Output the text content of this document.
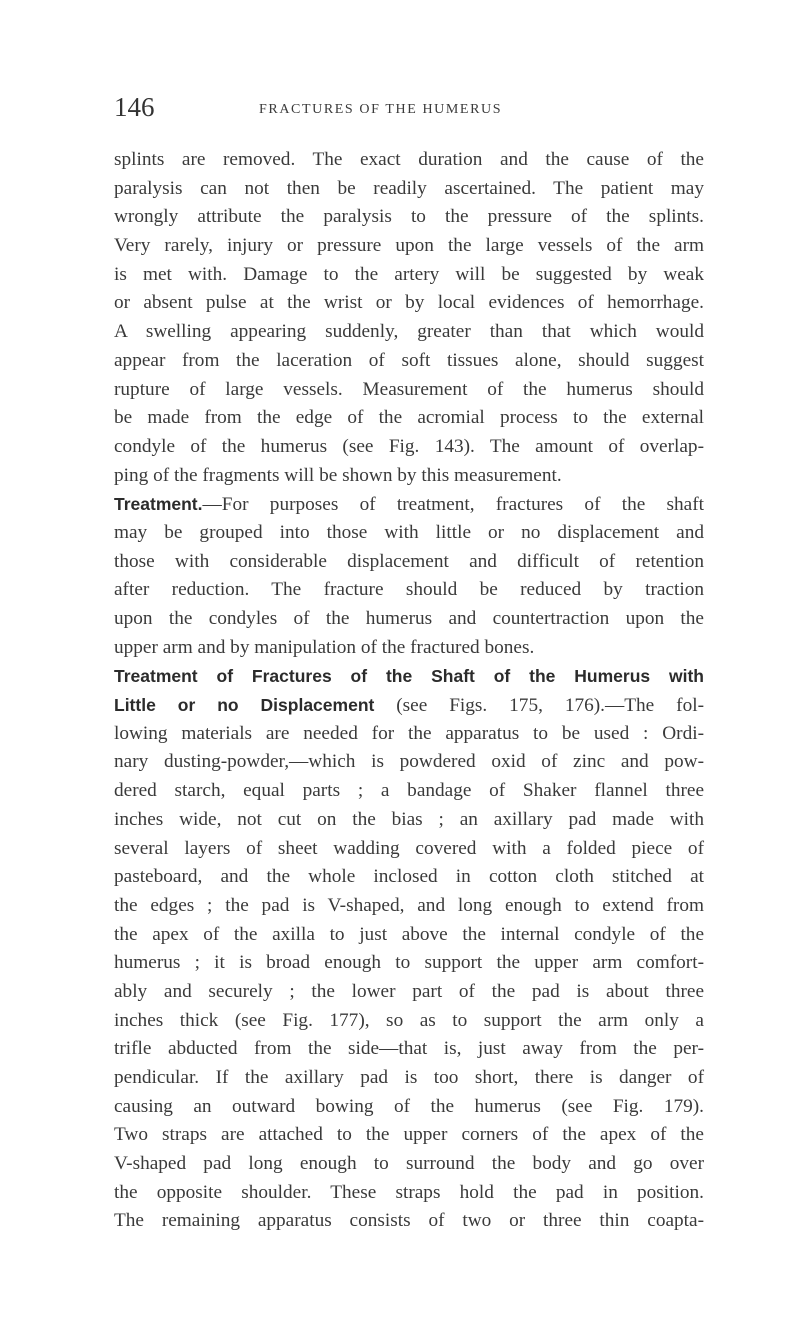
146	FRACTURES OF THE HUMERUS
splints are removed. The exact duration and the cause of the
paralysis can not then be readily ascertained. The patient may
wrongly attribute the paralysis to the pressure of the splints.
Very rarely, injury or pressure upon the large vessels of the arm
is met with. Damage to the artery will be suggested by weak
or absent pulse at the wrist or by local evidences of hemorrhage.
A swelling appearing suddenly, greater than that which would
appear from the laceration of soft tissues alone, should suggest
rupture of large vessels. Measurement of the humerus should
be made from the edge of the acromial process to the external
condyle of the humerus (see Fig. 143). The amount of overlap-
ping of the fragments will be shown by this measurement.
Treatment.—For purposes of treatment, fractures of the shaft
may be grouped into those with little or no displacement and
those with considerable displacement and difficult of retention
after reduction. The fracture should be reduced by traction
upon the condyles of the humerus and countertraction upon the
upper arm and by manipulation of the fractured bones.
Treatment of Fractures of the Shaft of the Humerus with
Little or no Displacement (see Figs. 175, 176).—The fol-
lowing materials are needed for the apparatus to be used : Ordi-
nary dusting-powder,—which is powdered oxid of zinc and pow-
dered starch, equal parts ; a bandage of Shaker flannel three
inches wide, not cut on the bias ; an axillary pad made with
several layers of sheet wadding covered with a folded piece of
pasteboard, and the whole inclosed in cotton cloth stitched at
the edges ; the pad is V-shaped, and long enough to extend from
the apex of the axilla to just above the internal condyle of the
humerus ; it is broad enough to support the upper arm comfort-
ably and securely ; the lower part of the pad is about three
inches thick (see Fig. 177), so as to support the arm only a
trifle abducted from the side—that is, just away from the per-
pendicular. If the axillary pad is too short, there is danger of
causing an outward bowing of the humerus (see Fig. 179).
Two straps are attached to the upper corners of the apex of the
V-shaped pad long enough to surround the body and go over
the opposite shoulder. These straps hold the pad in position.
The remaining apparatus consists of two or three thin coapta-
